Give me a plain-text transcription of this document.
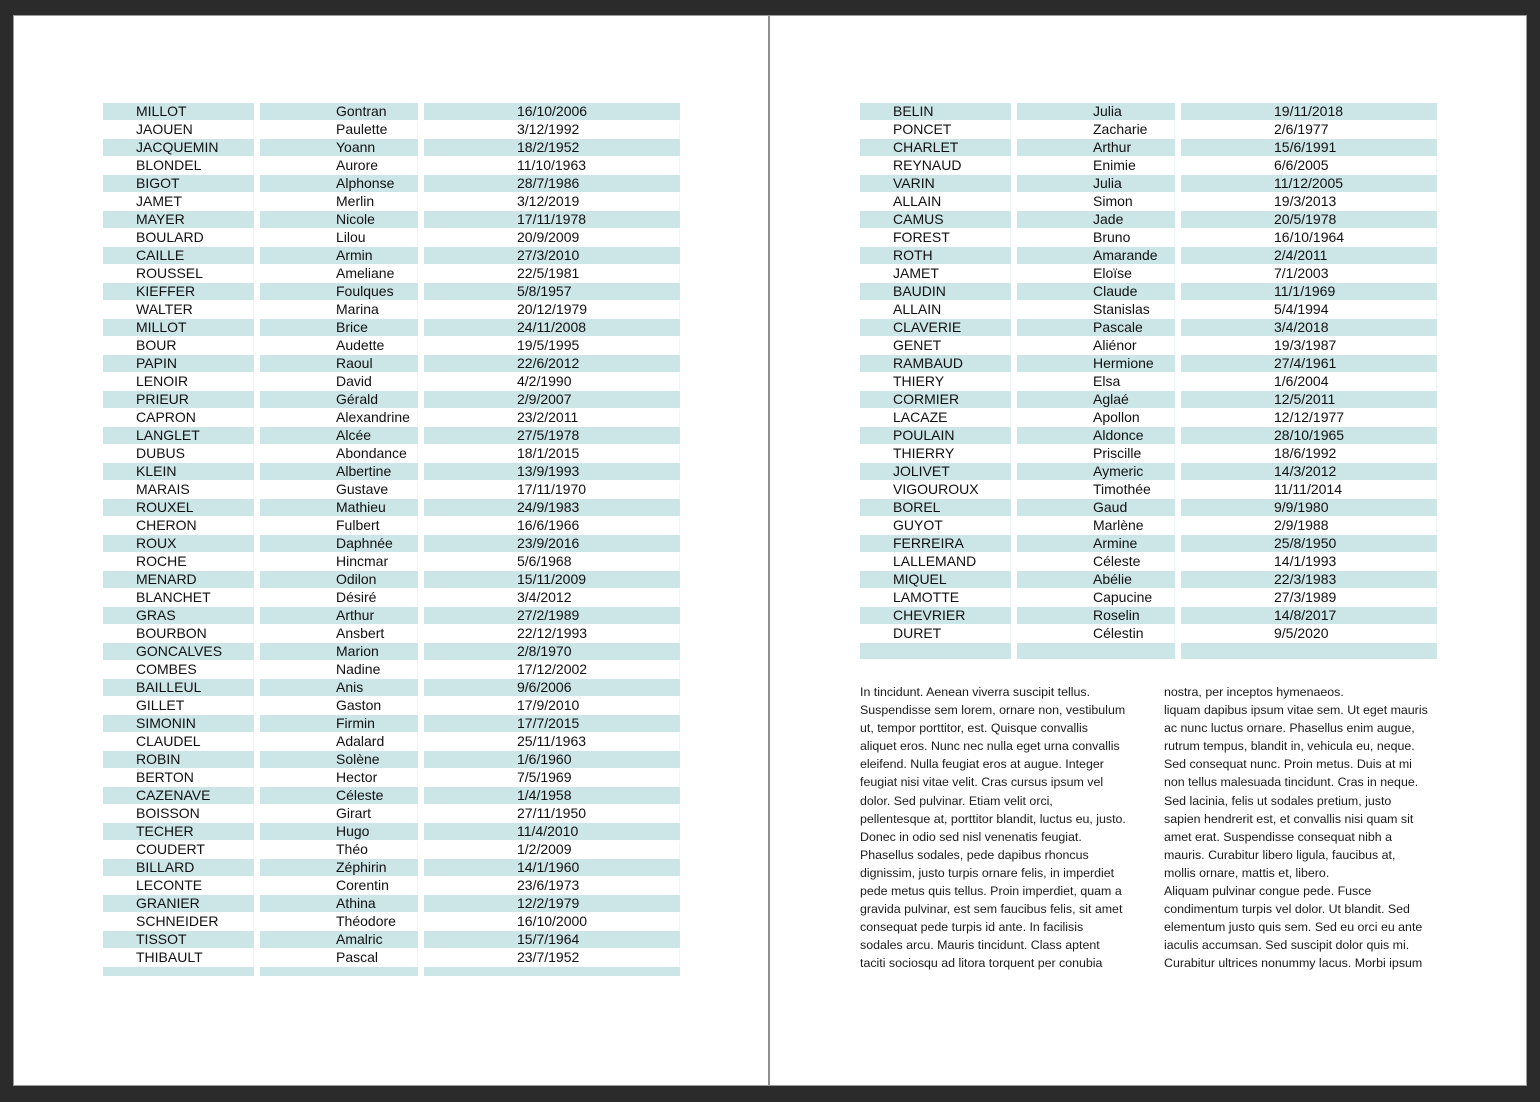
MILLOT	Gontran	16/10/2006
JAOUEN	Paulette	3/12/1992
JACQUEMIN	Yoann	18/2/1952
BLONDEL	Aurore	11/10/1963
BIGOT	Alphonse	28/7/1986
JAMET	Merlin	3/12/2019
MAYER	Nicole	17/11/1978
BOULARD	Lilou	20/9/2009
CAILLE	Armin	27/3/2010
ROUSSEL	Ameliane	22/5/1981
KIEFFER	Foulques	5/8/1957
WALTER	Marina	20/12/1979
MILLOT	Brice	24/11/2008
BOUR	Audette	19/5/1995
PAPIN	Raoul	22/6/2012
LENOIR	David	4/2/1990
PRIEUR	Gérald	2/9/2007
CAPRON	Alexandrine	23/2/2011
LANGLET	Alcée	27/5/1978
DUBUS	Abondance	18/1/2015
KLEIN	Albertine	13/9/1993
MARAIS	Gustave	17/11/1970
ROUXEL	Mathieu	24/9/1983
CHERON	Fulbert	16/6/1966
ROUX	Daphnée	23/9/2016
ROCHE	Hincmar	5/6/1968
MENARD	Odilon	15/11/2009
BLANCHET	Désiré	3/4/2012
GRAS	Arthur	27/2/1989
BOURBON	Ansbert	22/12/1993
GONCALVES	Marion	2/8/1970
COMBES	Nadine	17/12/2002
BAILLEUL	Anis	9/6/2006
GILLET	Gaston	17/9/2010
SIMONIN	Firmin	17/7/2015
CLAUDEL	Adalard	25/11/1963
ROBIN	Solène	1/6/1960
BERTON	Hector	7/5/1969
CAZENAVE	Céleste	1/4/1958
BOISSON	Girart	27/11/1950
TECHER	Hugo	11/4/2010
COUDERT	Théo	1/2/2009
BILLARD	Zéphirin	14/1/1960
LECONTE	Corentin	23/6/1973
GRANIER	Athina	12/2/1979
SCHNEIDER	Théodore	16/10/2000
TISSOT	Amalric	15/7/1964
THIBAULT	Pascal	23/7/1952
BELIN	Julia	19/11/2018
PONCET	Zacharie	2/6/1977
CHARLET	Arthur	15/6/1991
REYNAUD	Enimie	6/6/2005
VARIN	Julia	11/12/2005
ALLAIN	Simon	19/3/2013
CAMUS	Jade	20/5/1978
FOREST	Bruno	16/10/1964
ROTH	Amarande	2/4/2011
JAMET	Eloïse	7/1/2003
BAUDIN	Claude	11/1/1969
ALLAIN	Stanislas	5/4/1994
CLAVERIE	Pascale	3/4/2018
GENET	Aliénor	19/3/1987
RAMBAUD	Hermione	27/4/1961
THIERY	Elsa	1/6/2004
CORMIER	Aglaé	12/5/2011
LACAZE	Apollon	12/12/1977
POULAIN	Aldonce	28/10/1965
THIERRY	Priscille	18/6/1992
JOLIVET	Aymeric	14/3/2012
VIGOUROUX	Timothée	11/11/2014
BOREL	Gaud	9/9/1980
GUYOT	Marlène	2/9/1988
FERREIRA	Armine	25/8/1950
LALLEMAND	Céleste	14/1/1993
MIQUEL	Abélie	22/3/1983
LAMOTTE	Capucine	27/3/1989
CHEVRIER	Roselin	14/8/2017
DURET	Célestin	9/5/2020
In tincidunt. Aenean viverra suscipit tellus.
Suspendisse sem lorem, ornare non, vestibulum
ut, tempor porttitor, est. Quisque convallis
aliquet eros. Nunc nec nulla eget urna convallis
eleifend. Nulla feugiat eros at augue. Integer
feugiat nisi vitae velit. Cras cursus ipsum vel
dolor. Sed pulvinar. Etiam velit orci,
pellentesque at, porttitor blandit, luctus eu, justo.
Donec in odio sed nisl venenatis feugiat.
Phasellus sodales, pede dapibus rhoncus
dignissim, justo turpis ornare felis, in imperdiet
pede metus quis tellus. Proin imperdiet, quam a
gravida pulvinar, est sem faucibus felis, sit amet
consequat pede turpis id ante. In facilisis
sodales arcu. Mauris tincidunt. Class aptent
taciti sociosqu ad litora torquent per conubia
nostra, per inceptos hymenaeos.
liquam dapibus ipsum vitae sem. Ut eget mauris
ac nunc luctus ornare. Phasellus enim augue,
rutrum tempus, blandit in, vehicula eu, neque.
Sed consequat nunc. Proin metus. Duis at mi
non tellus malesuada tincidunt. Cras in neque.
Sed lacinia, felis ut sodales pretium, justo
sapien hendrerit est, et convallis nisi quam sit
amet erat. Suspendisse consequat nibh a
mauris. Curabitur libero ligula, faucibus at,
mollis ornare, mattis et, libero.
Aliquam pulvinar congue pede. Fusce
condimentum turpis vel dolor. Ut blandit. Sed
elementum justo quis sem. Sed eu orci eu ante
iaculis accumsan. Sed suscipit dolor quis mi.
Curabitur ultrices nonummy lacus. Morbi ipsum
